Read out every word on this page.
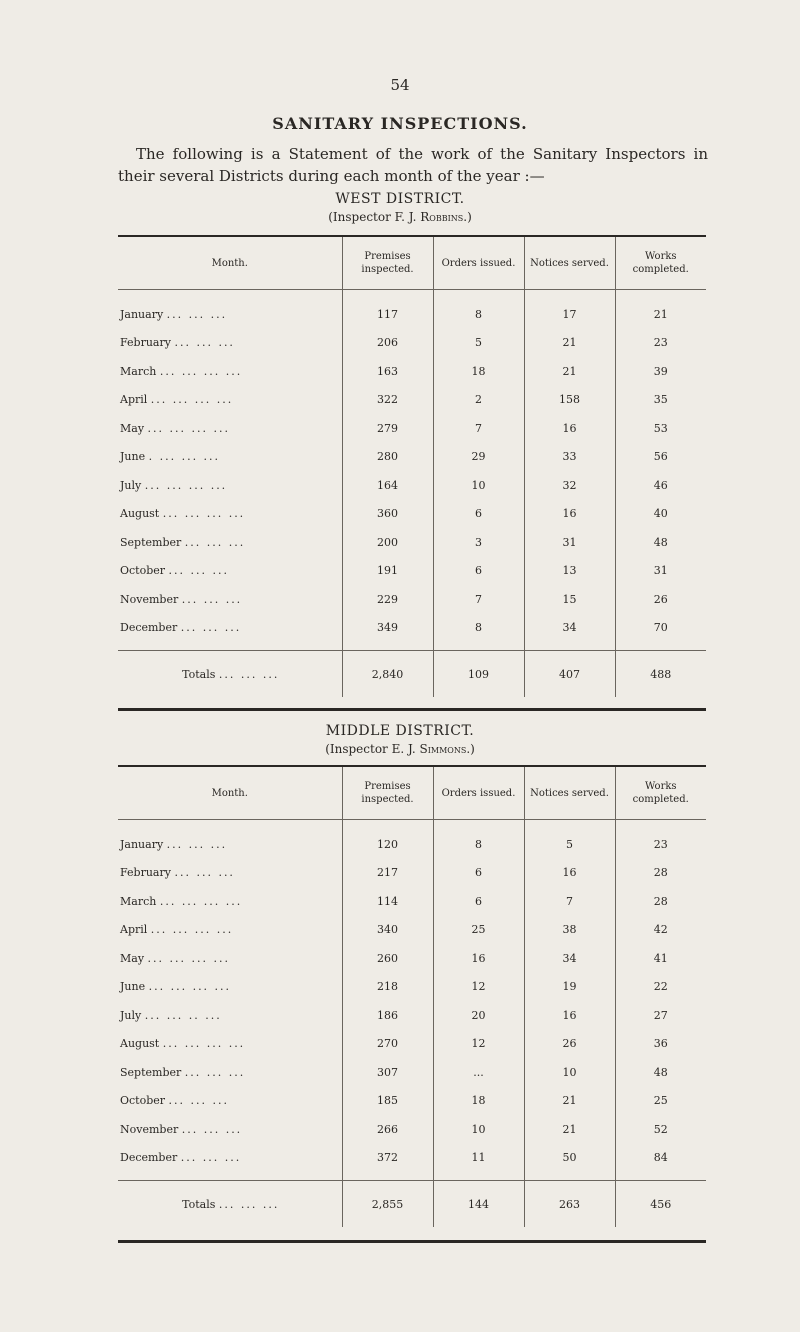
54
SANITARY INSPECTIONS.
The following is a Statement of the work of the Sanitary Inspectors in their several Districts during each month of the year :—
WEST DISTRICT.
(Inspector F. J. Robbins.)
Month.	Premises inspected.	Orders issued.	Notices served.	Works completed.
January ... ... ...	117	8	17	21
February ... ... ...	206	5	21	23
March ... ... ... ...	163	18	21	39
April ... ... ... ...	322	2	158	35
May ... ... ... ...	279	7	16	53
June . ... ... ...	280	29	33	56
July ... ... ... ...	164	10	32	46
August ... ... ... ...	360	6	16	40
September ... ... ...	200	3	31	48
October ... ... ...	191	6	13	31
November ... ... ...	229	7	15	26
December ... ... ...	349	8	34	70
Totals ... ... ...	2,840	109	407	488
MIDDLE DISTRICT.
(Inspector E. J. Simmons.)
Month.	Premises inspected.	Orders issued.	Notices served.	Works completed.
January ... ... ...	120	8	5	23
February ... ... ...	217	6	16	28
March ... ... ... ...	114	6	7	28
April ... ... ... ...	340	25	38	42
May ... ... ... ...	260	16	34	41
June ... ... ... ...	218	12	19	22
July ... ... .. ...	186	20	16	27
August ... ... ... ...	270	12	26	36
September ... ... ...	307	...	10	48
October ... ... ...	185	18	21	25
November ... ... ...	266	10	21	52
December ... ... ...	372	11	50	84
Totals ... ... ...	2,855	144	263	456
